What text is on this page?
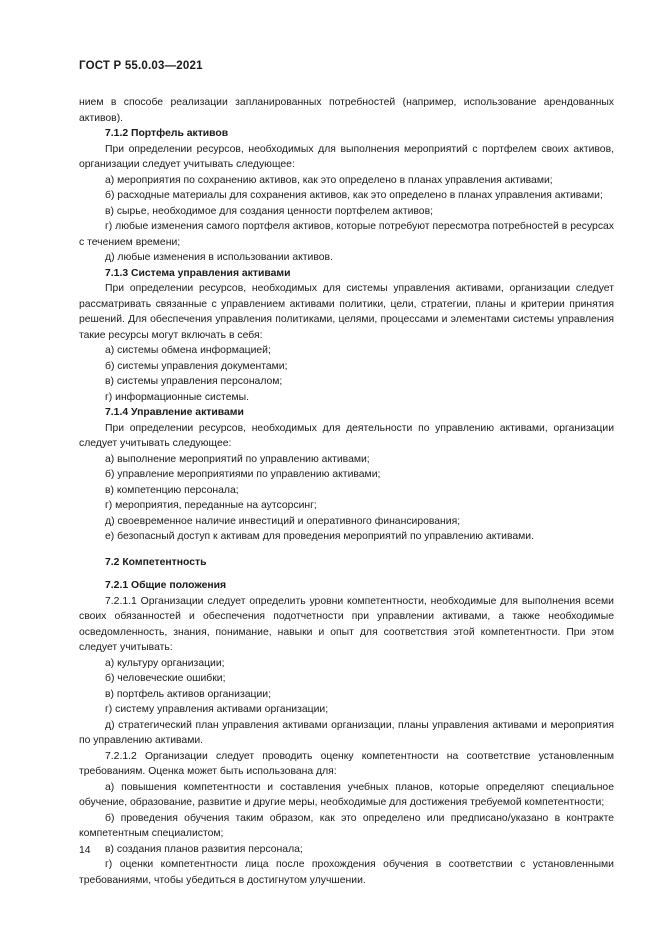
ГОСТ Р 55.0.03—2021

нием в способе реализации запланированных потребностей (например, использование арендованных активов).

7.1.2 Портфель активов

При определении ресурсов, необходимых для выполнения мероприятий с портфелем своих активов, организации следует учитывать следующее:

а) мероприятия по сохранению активов, как это определено в планах управления активами;

б) расходные материалы для сохранения активов, как это определено в планах управления активами;

в) сырье, необходимое для создания ценности портфелем активов;

г) любые изменения самого портфеля активов, которые потребуют пересмотра потребностей в ресурсах с течением времени;

д) любые изменения в использовании активов.

7.1.3 Система управления активами

При определении ресурсов, необходимых для системы управления активами, организации следует рассматривать связанные с управлением активами политики, цели, стратегии, планы и критерии принятия решений. Для обеспечения управления политиками, целями, процессами и элементами системы управления такие ресурсы могут включать в себя:

а) системы обмена информацией;

б) системы управления документами;

в) системы управления персоналом;

г) информационные системы.

7.1.4 Управление активами

При определении ресурсов, необходимых для деятельности по управлению активами, организации следует учитывать следующее:

а) выполнение мероприятий по управлению активами;

б) управление мероприятиями по управлению активами;

в) компетенцию персонала;

г) мероприятия, переданные на аутсорсинг;

д) своевременное наличие инвестиций и оперативного финансирования;

е) безопасный доступ к активам для проведения мероприятий по управлению активами.

7.2 Компетентность

7.2.1 Общие положения

7.2.1.1 Организации следует определить уровни компетентности, необходимые для выполнения всеми своих обязанностей и обеспечения подотчетности при управлении активами, а также необходимые осведомленность, знания, понимание, навыки и опыт для соответствия этой компетентности. При этом следует учитывать:

а) культуру организации;

б) человеческие ошибки;

в) портфель активов организации;

г) систему управления активами организации;

д) стратегический план управления активами организации, планы управления активами и мероприятия по управлению активами.

7.2.1.2 Организации следует проводить оценку компетентности на соответствие установленным требованиям. Оценка может быть использована для:

а) повышения компетентности и составления учебных планов, которые определяют специальное обучение, образование, развитие и другие меры, необходимые для достижения требуемой компетентности;

б) проведения обучения таким образом, как это определено или предписано/указано в контракте компетентным специалистом;

в) создания планов развития персонала;

г) оценки компетентности лица после прохождения обучения в соответствии с установленными требованиями, чтобы убедиться в достигнутом улучшении.

14
